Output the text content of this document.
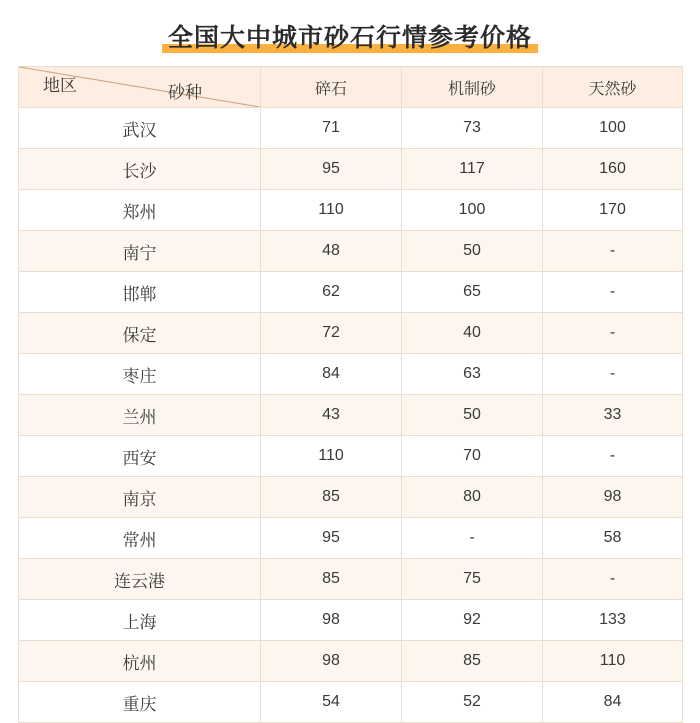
全国大中城市砂石行情参考价格
地区 砂种	碎石	机制砂	天然砂
武汉	71	73	100
长沙	95	117	160
郑州	110	100	170
南宁	48	50	-
邯郸	62	65	-
保定	72	40	-
枣庄	84	63	-
兰州	43	50	33
西安	110	70	-
南京	85	80	98
常州	95	-	58
连云港	85	75	-
上海	98	92	133
杭州	98	85	110
重庆	54	52	84
